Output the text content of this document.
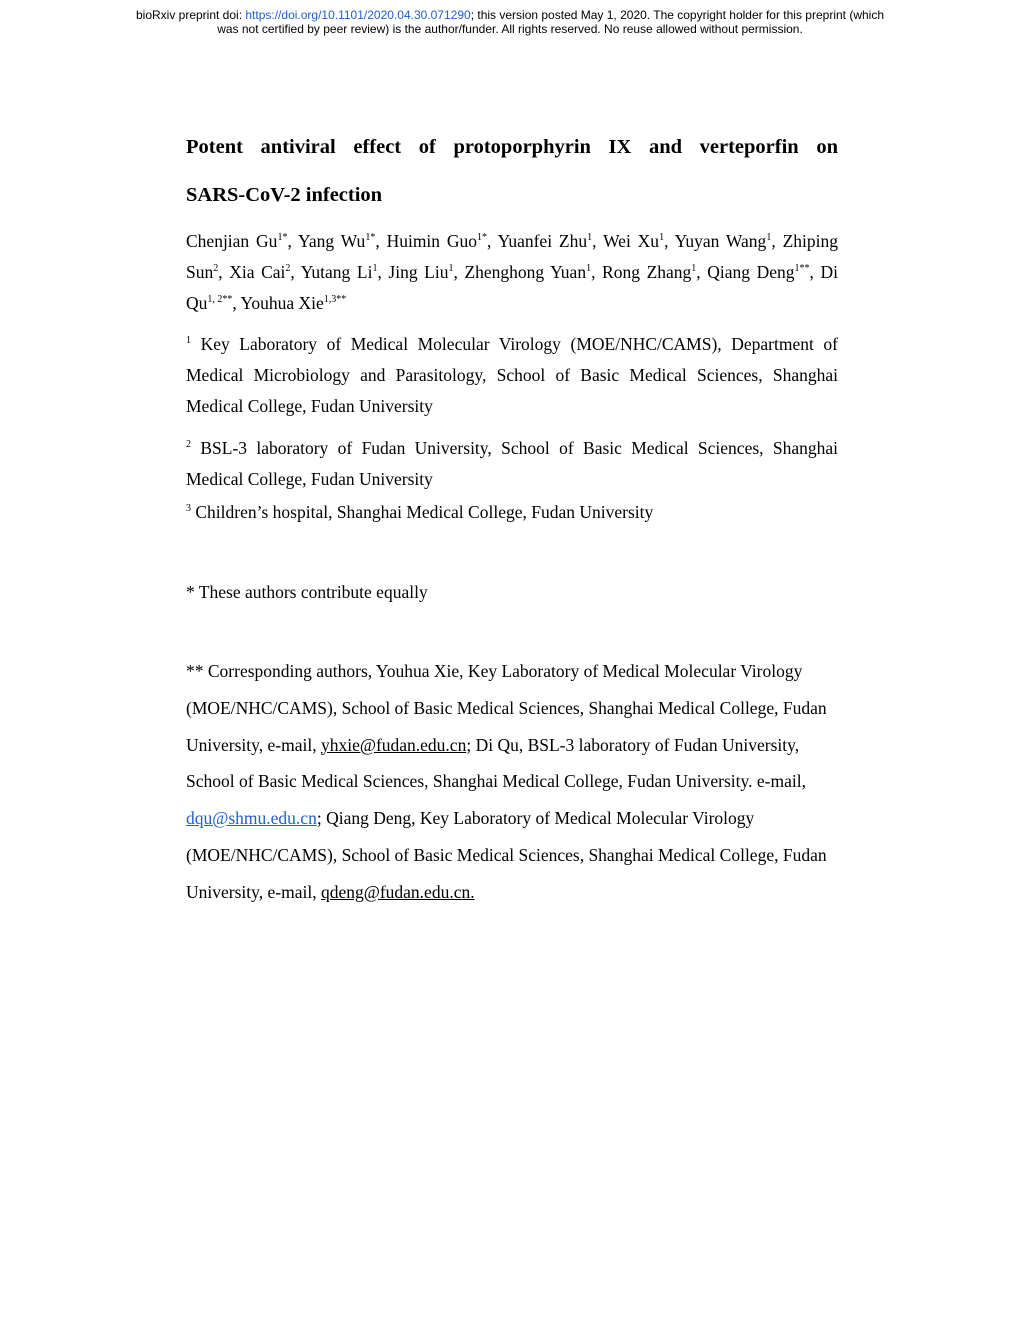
bioRxiv preprint doi: https://doi.org/10.1101/2020.04.30.071290; this version posted May 1, 2020. The copyright holder for this preprint (which
was not certified by peer review) is the author/funder. All rights reserved. No reuse allowed without permission.
Potent antiviral effect of protoporphyrin IX and verteporfin on
SARS-CoV-2 infection
Chenjian $Gu^{1*}$, Yang $Wu^{1*}$, Huimin Guo$^{1*}$, Yuanfei Zhu$^1$, Wei Xu$^1$, Yuyan Wang$^1$, Zhiping Sun$^2$, Xia Cai$^2$, Yutang Li$^1$, Jing Liu$^1$, Zhenghong Yuan$^1$, Rong Zhang$^1$, Qiang Deng$^{1**}$, Di $Qu^{1, 2**}$, Youhua Xie$^{1,3**}$
$^1$ Key Laboratory of Medical Molecular Virology (MOE/NHC/CAMS), Department of Medical Microbiology and Parasitology, School of Basic Medical Sciences, Shanghai Medical College, Fudan University
$^2$ BSL-3 laboratory of Fudan University, School of Basic Medical Sciences, Shanghai Medical College, Fudan University
$^3$ Children’s hospital, Shanghai Medical College, Fudan University
* These authors contribute equally
** Corresponding authors, Youhua Xie, Key Laboratory of Medical Molecular Virology (MOE/NHC/CAMS), School of Basic Medical Sciences, Shanghai Medical College, Fudan University, e-mail, yhxie@fudan.edu.cn; Di Qu, BSL-3 laboratory of Fudan University, School of Basic Medical Sciences, Shanghai Medical College, Fudan University. e-mail, dqu@shmu.edu.cn; Qiang Deng, Key Laboratory of Medical Molecular Virology (MOE/NHC/CAMS), School of Basic Medical Sciences, Shanghai Medical College, Fudan University, e-mail, qdeng@fudan.edu.cn.
